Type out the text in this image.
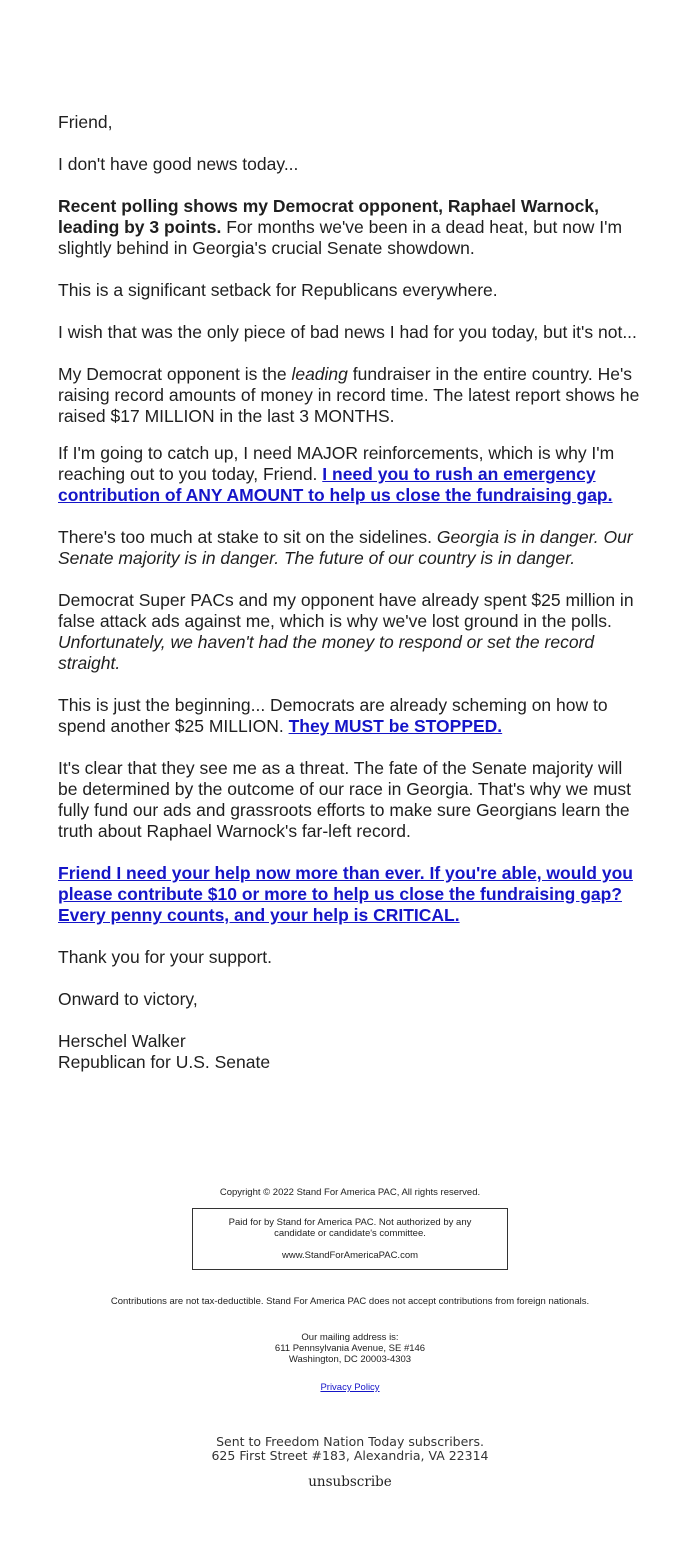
Friend,

I don't have good news today...

Recent polling shows my Democrat opponent, Raphael Warnock, leading by 3 points. For months we've been in a dead heat, but now I'm slightly behind in Georgia's crucial Senate showdown.

This is a significant setback for Republicans everywhere.

I wish that was the only piece of bad news I had for you today, but it's not...

My Democrat opponent is the leading fundraiser in the entire country. He's raising record amounts of money in record time. The latest report shows he raised $17 MILLION in the last 3 MONTHS.

If I'm going to catch up, I need MAJOR reinforcements, which is why I'm reaching out to you today, Friend. I need you to rush an emergency contribution of ANY AMOUNT to help us close the fundraising gap.

There's too much at stake to sit on the sidelines. Georgia is in danger. Our Senate majority is in danger. The future of our country is in danger.

Democrat Super PACs and my opponent have already spent $25 million in false attack ads against me, which is why we've lost ground in the polls. Unfortunately, we haven't had the money to respond or set the record straight.

This is just the beginning... Democrats are already scheming on how to spend another $25 MILLION. They MUST be STOPPED.

It's clear that they see me as a threat. The fate of the Senate majority will be determined by the outcome of our race in Georgia. That's why we must fully fund our ads and grassroots efforts to make sure Georgians learn the truth about Raphael Warnock's far-left record.

Friend I need your help now more than ever. If you're able, would you please contribute $10 or more to help us close the fundraising gap? Every penny counts, and your help is CRITICAL.

Thank you for your support.

Onward to victory,

Herschel Walker
Republican for U.S. Senate

Copyright © 2022 Stand For America PAC, All rights reserved.

Paid for by Stand for America PAC. Not authorized by any candidate or candidate's committee.

www.StandForAmericaPAC.com

Contributions are not tax-deductible. Stand For America PAC does not accept contributions from foreign nationals.

Our mailing address is:
611 Pennsylvania Avenue, SE #146
Washington, DC 20003-4303

Privacy Policy

Sent to Freedom Nation Today subscribers.
625 First Street #183, Alexandria, VA 22314
unsubscribe
